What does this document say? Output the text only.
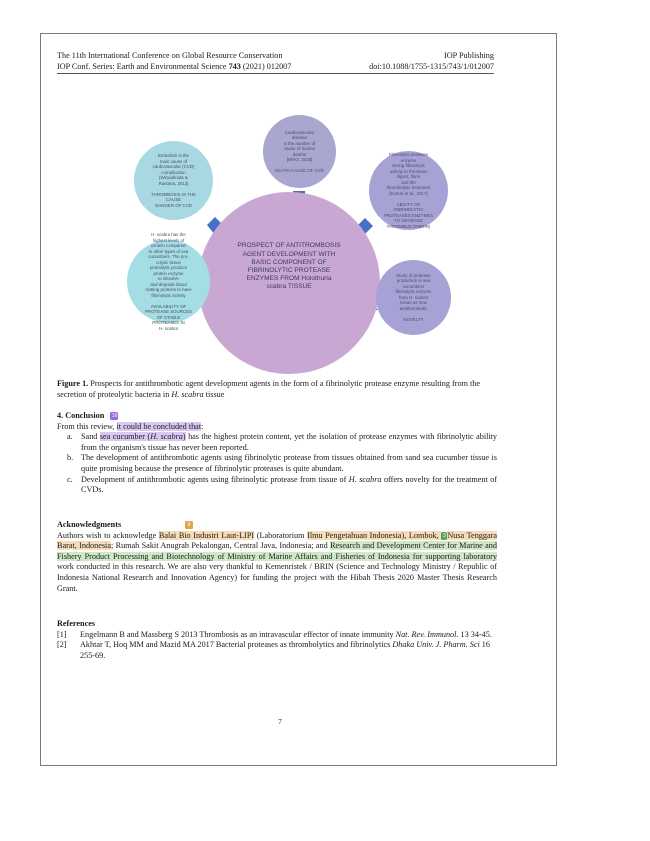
The 11th International Conference on Global Resource Conservation	IOP Publishing
IOP Conf. Series: Earth and Environmental Science 743 (2021) 012007	doi:10.1088/1755-1315/743/1/012007
PROSPECT OF ANTITROMBOSIS
AGENT DEVELOPMENT WITH
BASIC COMPONENT OF
FIBRINOLYTIC PROTEASE
ENZYMES FROM Holothuria
scabra TISSUE
Cardiovascular
disease
is the number of
cause of human
deaths
[WHO, 2016]

DEATH CAUSE OF CVD
Embolism is the
main cause of
cardiovascular (CVD)
complication
[Wiryadinata &
Rastana, 2012]

THROMBOSIS IS THE
CAUSE
DANGER OF CVD
Fibrinolytic protease
enzyme
strong fibrinolytic
activity to thrombus
digest, fibrin
and the
thrombolytic treatment
[Kumar et al., 2017]

ABILITY OF
FIBRINOLYTIC
PROTEASES ENZYMES
TO DEGRADE
THROMBUS (FIBRIN)
H. scabra has the
highest levels of
protein compared
to other types of sea
cucumbers. The pro-
colytic tissue
proteolytic produce
protein enzyme
to dissolve
and degrade blood
clotting proteins to have
fibrinolytic activity

AVAILABILITY OF
PROTEASE SOURCES
OF STABLE
PROTEASES IN
H. scabra
Study of protease
production in sea
cucumbers
fibrinolytic enzyme
from H. scabra
tissue as new
antithrombotic

NOVELTY
Figure 1. Prospects for antithrombotic agent development agents in the form of a fibrinolytic protease enzyme resulting from the secretion of proteolytic bacteria in H. scabra tissue
4. Conclusion 19
From this review, it could be concluded that:
a. Sand sea cucumber (H. scabra) has the highest protein content, yet the isolation of protease enzymes with fibrinolytic ability from the organism's tissue has never been reported.
b. The development of antithrombotic agents using fibrinolytic protease from tissues obtained from sand sea cucumber tissue is quite promising because the presence of fibrinolytic proteases is quite abundant.
c. Development of antithrombotic agents using fibrinolytic protease from tissue of H. scabra offers novelty for the treatment of CVDs.
Acknowledgments	6
Authors wish to acknowledge Balai Bio Industri Laut-LIPI (Laboratorium Ilmu Pengetahuan Indonesia), Lombok, 3 Nusa Tenggara Barat, Indonesia; Rumah Sakit Anugrah Pekalongan, Central Java, Indonesia; and Research and Development Center for Marine and Fishery Product Processing and Biotechnology of Ministry of Marine Affairs and Fisheries of Indonesia for supporting laboratory work conducted in this research. We are also very thankful to Kemenristek / BRIN (Science and Technology Ministry / Republic of Indonesia National Research and Innovation Agency) for funding the project with the Hibah Thesis 2020 Master Thesis Research Grant.
References
[1] Engelmann B and Massberg S 2013 Thrombosis as an intravascular effector of innate immunity Nat. Rev. Immunol. 13 34-45.
[2] Akhtar T, Hoq MM and Mazid MA 2017 Bacterial proteases as thrombolytics and fibrinolytics Dhaka Univ. J. Pharm. Sci 16 255-69.
7
